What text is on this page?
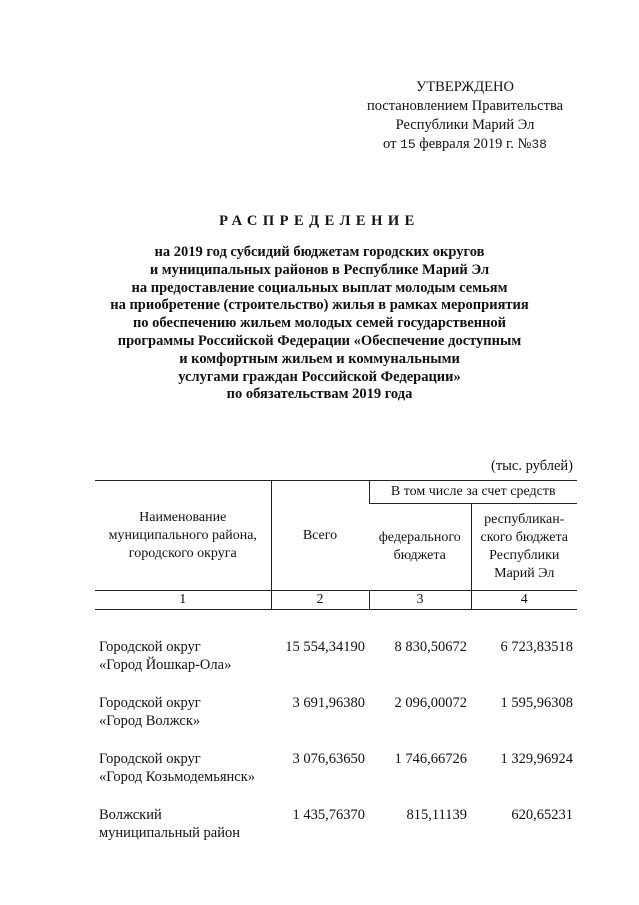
УТВЕРЖДЕНО
постановлением Правительства
Республики Марий Эл
от 15 февраля 2019 г. №38
РАСПРЕДЕЛЕНИЕ
на 2019 год субсидий бюджетам городских округов
и муниципальных районов в Республике Марий Эл
на предоставление социальных выплат молодым семьям
на приобретение (строительство) жилья в рамках мероприятия
по обеспечению жильем молодых семей государственной
программы Российской Федерации «Обеспечение доступным
и комфортным жильем и коммунальными
услугами граждан Российской Федерации»
по обязательствам 2019 года
(тыс. рублей)
Наименование муниципального района, городского округа	Всего	В том числе за счет средств	
		федерального бюджета	республикан-ского бюджета Республики Марий Эл
1	2	3	4

Городской округ
«Город Йошкар-Ола»	15 554,34190	8 830,50672	6 723,83518

Городской округ
«Город Волжск»	3 691,96380	2 096,00072	1 595,96308

Городской округ
«Город Козьмодемьянск»	3 076,63650	1 746,66726	1 329,96924

Волжский
муниципальный район	1 435,76370	815,11139	620,65231
